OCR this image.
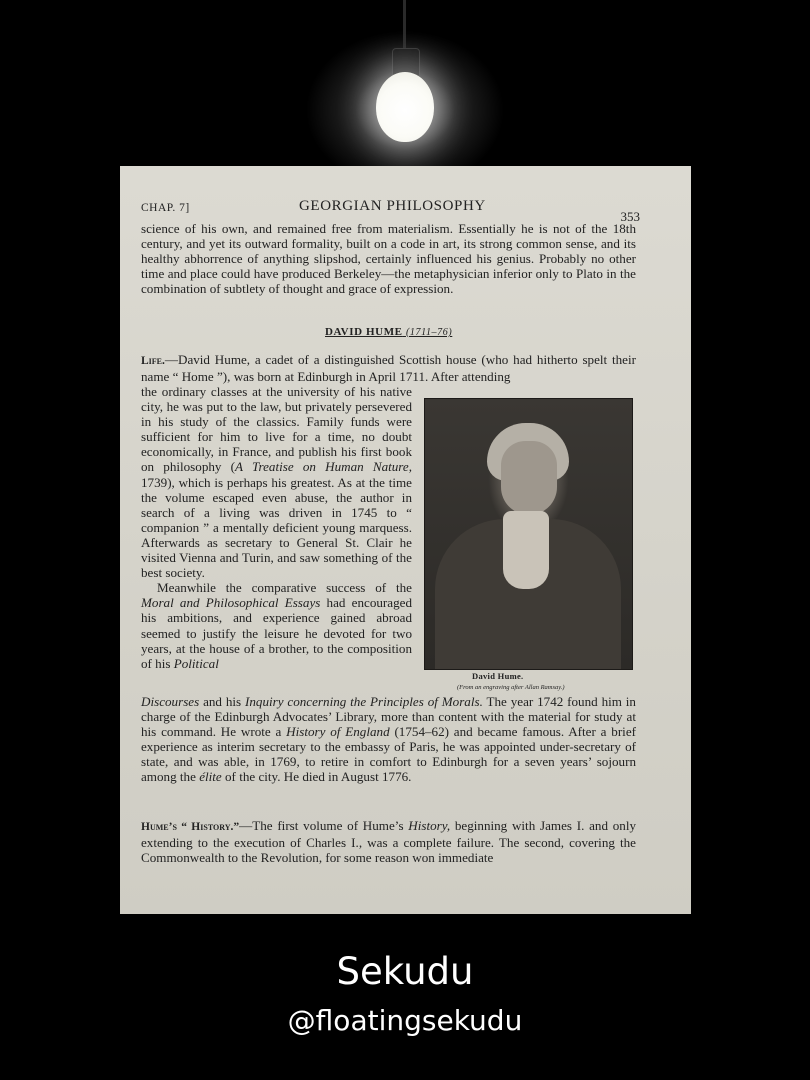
CHAP. 7]	GEORGIAN PHILOSOPHY
353

science of his own, and remained free from materialism. Essentially he is not of the 18th century, and yet its outward formality, built on a code in art, its strong common sense, and its healthy abhorrence of anything slipshod, certainly influenced his genius. Probably no other time and place could have produced Berkeley—the metaphysician inferior only to Plato in the combination of subtlety of thought and grace of expression.

DAVID HUME (1711–76)

Life.—David Hume, a cadet of a distinguished Scottish house (who had hitherto spelt their name “ Home ”), was born at Edinburgh in April 1711. After attending

the ordinary classes at the university of his native city, he was put to the law, but privately persevered in his study of the classics. Family funds were sufficient for him to live for a time, no doubt economically, in France, and publish his first book on philosophy (A Treatise on Human Nature, 1739), which is perhaps his greatest. As at the time the volume escaped even abuse, the author in search of a living was driven in 1745 to “ companion ” a mentally deficient young marquess. Afterwards as secretary to General St. Clair he visited Vienna and Turin, and saw something of the best society.

Meanwhile the comparative success of the Moral and Philosophical Essays had encouraged his ambitions, and experience gained abroad seemed to justify the leisure he devoted for two years, at the house of a brother, to the composition of his Political

David Hume.
(From an engraving after Allan Ramsay.)

Discourses and his Inquiry concerning the Principles of Morals. The year 1742 found him in charge of the Edinburgh Advocates’ Library, more than content with the material for study at his command. He wrote a History of England (1754–62) and became famous. After a brief experience as interim secretary to the embassy of Paris, he was appointed under-secretary of state, and was able, in 1769, to retire in comfort to Edinburgh for a seven years’ sojourn among the élite of the city. He died in August 1776.

Hume’s “ History.”—The first volume of Hume’s History, beginning with James I. and only extending to the execution of Charles I., was a complete failure. The second, covering the Commonwealth to the Revolution, for some reason won immediate

Sekudu
@floatingsekudu
